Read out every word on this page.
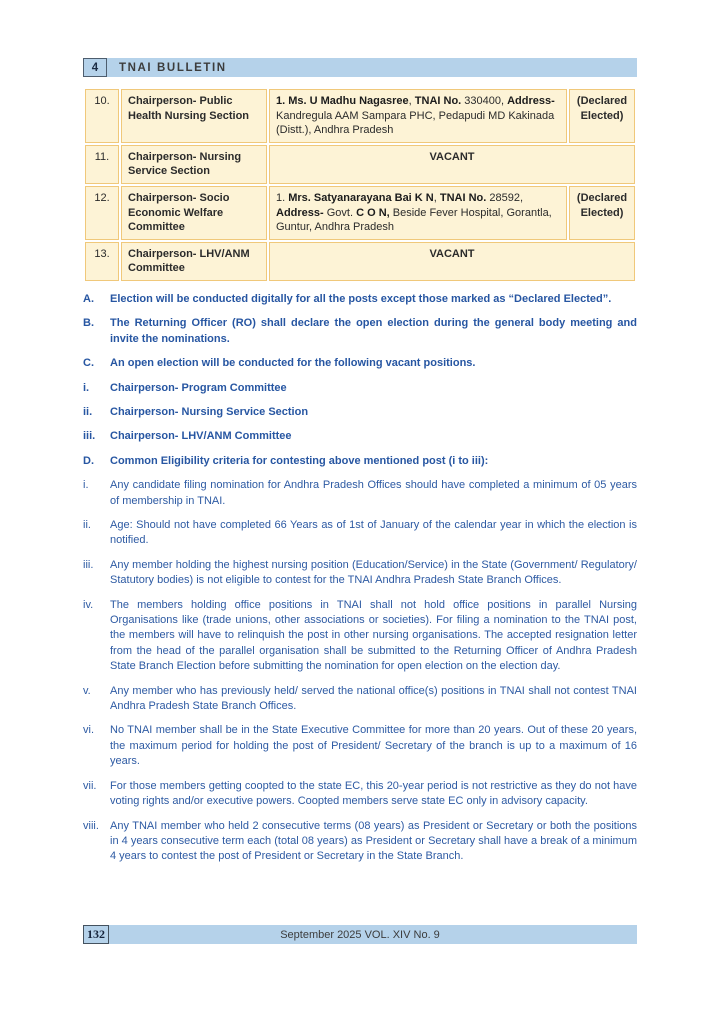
4	TNAI BULLETIN
10.	Chairperson- Public Health Nursing Section	1. Ms. U Madhu Nagasree, TNAI No. 330400, Address- Kandregula AAM Sampara PHC, Pedapudi MD Kakinada (Distt.), Andhra Pradesh	(Declared Elected)
11.	Chairperson- Nursing Service Section	VACANT	
12.	Chairperson- Socio Economic Welfare Committee	1. Mrs. Satyanarayana Bai K N, TNAI No. 28592, Address- Govt. C O N, Beside Fever Hospital, Gorantla, Guntur, Andhra Pradesh	(Declared Elected)
13.	Chairperson- LHV/ANM Committee	VACANT	
A.	Election will be conducted digitally for all the posts except those marked as “Declared Elected”.
B.	The Returning Officer (RO) shall declare the open election during the general body meeting and invite the nominations.
C.	An open election will be conducted for the following vacant positions.
i.	Chairperson- Program Committee
ii.	Chairperson- Nursing Service Section
iii.	Chairperson- LHV/ANM Committee
D.	Common Eligibility criteria for contesting above mentioned post (i to iii):
i.	Any candidate filing nomination for Andhra Pradesh Offices should have completed a minimum of 05 years of membership in TNAI.
ii.	Age: Should not have completed 66 Years as of 1st of January of the calendar year in which the election is notified.
iii.	Any member holding the highest nursing position (Education/Service) in the State (Government/ Regulatory/ Statutory bodies) is not eligible to contest for the TNAI Andhra Pradesh State Branch Offices.
iv.	The members holding office positions in TNAI shall not hold office positions in parallel Nursing Organisations like (trade unions, other associations or societies). For filing a nomination to the TNAI post, the members will have to relinquish the post in other nursing organisations. The accepted resignation letter from the head of the parallel organisation shall be submitted to the Returning Officer of Andhra Pradesh State Branch Election before submitting the nomination for open election on the election day.
v.	Any member who has previously held/ served the national office(s) positions in TNAI shall not contest TNAI Andhra Pradesh State Branch Offices.
vi.	No TNAI member shall be in the State Executive Committee for more than 20 years. Out of these 20 years, the maximum period for holding the post of President/ Secretary of the branch is up to a maximum of 16 years.
vii.	For those members getting coopted to the state EC, this 20-year period is not restrictive as they do not have voting rights and/or executive powers. Coopted members serve state EC only in advisory capacity.
viii.	Any TNAI member who held 2 consecutive terms (08 years) as President or Secretary or both the positions in 4 years consecutive term each (total 08 years) as President or Secretary shall have a break of a minimum 4 years to contest the post of President or Secretary in the State Branch.
132	September 2025 VOL. XIV No. 9
